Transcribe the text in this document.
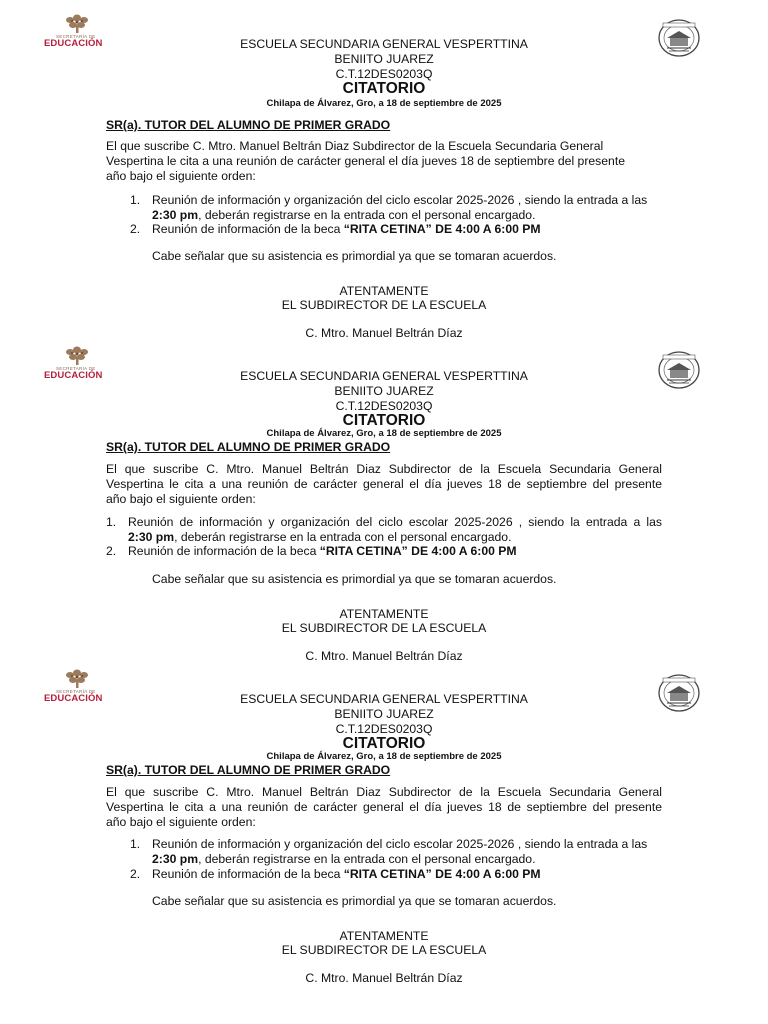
SECRETARÍA DE
EDUCACIÓN	ESCUELA SECUNDARIA GENERAL VESPERTTINA
BENIITO JUAREZ
C.T.12DES0203Q
CITATORIO
Chilapa de Álvarez, Gro, a 18 de septiembre de 2025
SR(a). TUTOR DEL ALUMNO DE PRIMER GRADO
El que suscribe C. Mtro. Manuel Beltrán Diaz Subdirector de la Escuela Secundaria General
Vespertina le cita a una reunión de carácter general el día jueves 18 de septiembre del presente
año bajo el siguiente orden:
1. Reunión de información y organización del ciclo escolar 2025-2026 , siendo la entrada a las
2:30 pm, deberán registrarse en la entrada con el personal encargado.
2. Reunión de información de la beca “RITA CETINA” DE 4:00 A 6:00 PM
Cabe señalar que su asistencia es primordial ya que se tomaran acuerdos.
ATENTAMENTE
EL SUBDIRECTOR DE LA ESCUELA
C. Mtro. Manuel Beltrán Díaz
SECRETARÍA DE
EDUCACIÓN	ESCUELA SECUNDARIA GENERAL VESPERTTINA
BENIITO JUAREZ
C.T.12DES0203Q
CITATORIO
Chilapa de Álvarez, Gro, a 18 de septiembre de 2025
SR(a). TUTOR DEL ALUMNO DE PRIMER GRADO
El que suscribe C. Mtro. Manuel Beltrán Diaz Subdirector de la Escuela Secundaria General
Vespertina le cita a una reunión de carácter general el día jueves 18 de septiembre del presente
año bajo el siguiente orden:
1. Reunión de información y organización del ciclo escolar 2025-2026 , siendo la entrada a las
2:30 pm, deberán registrarse en la entrada con el personal encargado.
2. Reunión de información de la beca “RITA CETINA” DE 4:00 A 6:00 PM
Cabe señalar que su asistencia es primordial ya que se tomaran acuerdos.
ATENTAMENTE
EL SUBDIRECTOR DE LA ESCUELA
C. Mtro. Manuel Beltrán Díaz
SECRETARÍA DE
EDUCACIÓN	ESCUELA SECUNDARIA GENERAL VESPERTTINA
BENIITO JUAREZ
C.T.12DES0203Q
CITATORIO
Chilapa de Álvarez, Gro, a 18 de septiembre de 2025
SR(a). TUTOR DEL ALUMNO DE PRIMER GRADO
El que suscribe C. Mtro. Manuel Beltrán Diaz Subdirector de la Escuela Secundaria General
Vespertina le cita a una reunión de carácter general el día jueves 18 de septiembre del presente
año bajo el siguiente orden:
1. Reunión de información y organización del ciclo escolar 2025-2026 , siendo la entrada a las
2:30 pm, deberán registrarse en la entrada con el personal encargado.
2. Reunión de información de la beca “RITA CETINA” DE 4:00 A 6:00 PM
Cabe señalar que su asistencia es primordial ya que se tomaran acuerdos.
ATENTAMENTE
EL SUBDIRECTOR DE LA ESCUELA
C. Mtro. Manuel Beltrán Díaz
